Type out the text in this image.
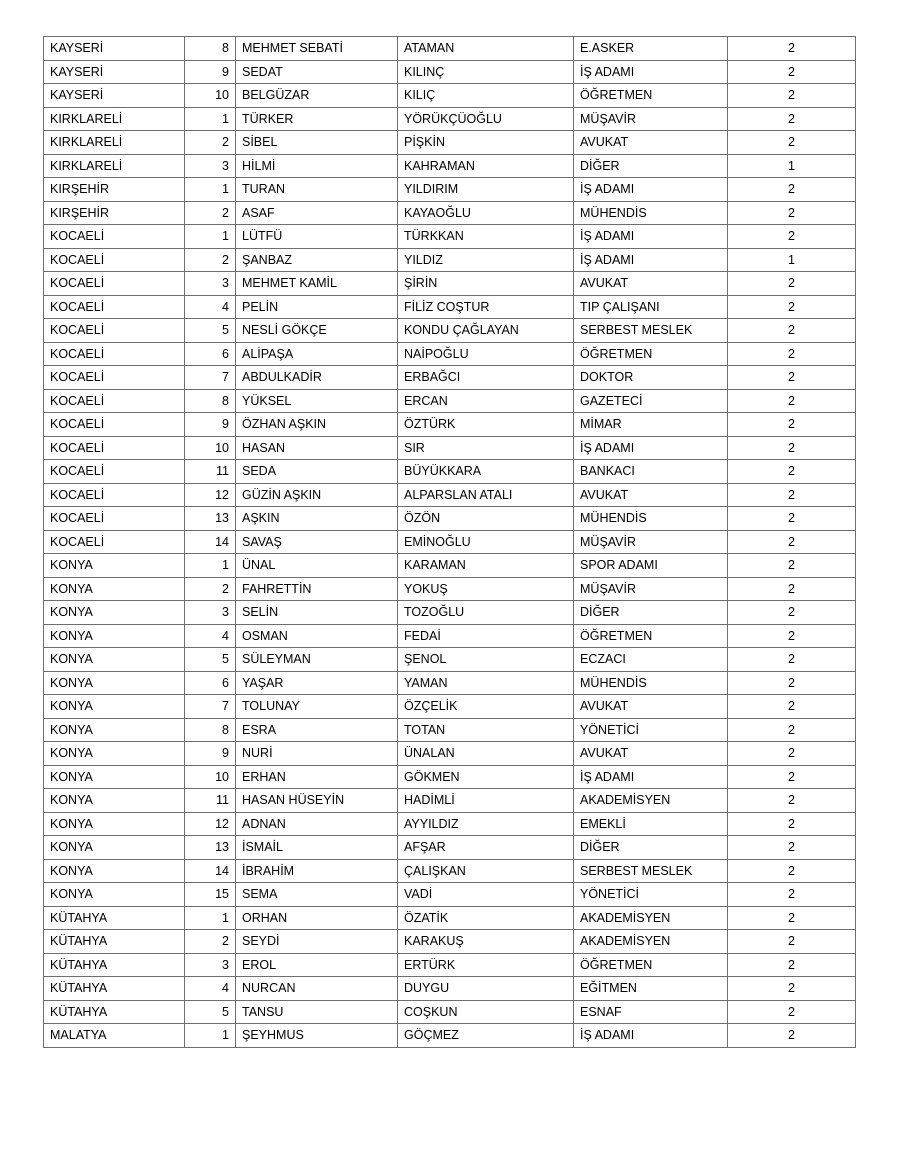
KAYSERİ	8	MEHMET SEBATİ	ATAMAN	E.ASKER	2
KAYSERİ	9	SEDAT	KILINÇ	İŞ ADAMI	2
KAYSERİ	10	BELGÜZAR	KILIÇ	ÖĞRETMEN	2
KIRKLARELİ	1	TÜRKER	YÖRÜKÇÜOĞLU	MÜŞAVİR	2
KIRKLARELİ	2	SİBEL	PİŞKİN	AVUKAT	2
KIRKLARELİ	3	HİLMİ	KAHRAMAN	DİĞER	1
KIRŞEHİR	1	TURAN	YILDIRIM	İŞ ADAMI	2
KIRŞEHİR	2	ASAF	KAYAOĞLU	MÜHENDİS	2
KOCAELİ	1	LÜTFÜ	TÜRKKAN	İŞ ADAMI	2
KOCAELİ	2	ŞANBAZ	YILDIZ	İŞ ADAMI	1
KOCAELİ	3	MEHMET KAMİL	ŞİRİN	AVUKAT	2
KOCAELİ	4	PELİN	FİLİZ COŞTUR	TIP ÇALIŞANI	2
KOCAELİ	5	NESLİ GÖKÇE	KONDU ÇAĞLAYAN	SERBEST MESLEK	2
KOCAELİ	6	ALİPAŞA	NAİPOĞLU	ÖĞRETMEN	2
KOCAELİ	7	ABDULKADİR	ERBAĞCI	DOKTOR	2
KOCAELİ	8	YÜKSEL	ERCAN	GAZETECİ	2
KOCAELİ	9	ÖZHAN AŞKIN	ÖZTÜRK	MİMAR	2
KOCAELİ	10	HASAN	SIR	İŞ ADAMI	2
KOCAELİ	11	SEDA	BÜYÜKKARA	BANKACI	2
KOCAELİ	12	GÜZİN AŞKIN	ALPARSLAN ATALI	AVUKAT	2
KOCAELİ	13	AŞKIN	ÖZÖN	MÜHENDİS	2
KOCAELİ	14	SAVAŞ	EMİNOĞLU	MÜŞAVİR	2
KONYA	1	ÜNAL	KARAMAN	SPOR ADAMI	2
KONYA	2	FAHRETTİN	YOKUŞ	MÜŞAVİR	2
KONYA	3	SELİN	TOZOĞLU	DİĞER	2
KONYA	4	OSMAN	FEDAİ	ÖĞRETMEN	2
KONYA	5	SÜLEYMAN	ŞENOL	ECZACI	2
KONYA	6	YAŞAR	YAMAN	MÜHENDİS	2
KONYA	7	TOLUNAY	ÖZÇELİK	AVUKAT	2
KONYA	8	ESRA	TOTAN	YÖNETİCİ	2
KONYA	9	NURİ	ÜNALAN	AVUKAT	2
KONYA	10	ERHAN	GÖKMEN	İŞ ADAMI	2
KONYA	11	HASAN HÜSEYİN	HADİMLİ	AKADEMİSYEN	2
KONYA	12	ADNAN	AYYILDIZ	EMEKLİ	2
KONYA	13	İSMAİL	AFŞAR	DİĞER	2
KONYA	14	İBRAHİM	ÇALIŞKAN	SERBEST MESLEK	2
KONYA	15	SEMA	VADİ	YÖNETİCİ	2
KÜTAHYA	1	ORHAN	ÖZATİK	AKADEMİSYEN	2
KÜTAHYA	2	SEYDİ	KARAKUŞ	AKADEMİSYEN	2
KÜTAHYA	3	EROL	ERTÜRK	ÖĞRETMEN	2
KÜTAHYA	4	NURCAN	DUYGU	EĞİTMEN	2
KÜTAHYA	5	TANSU	COŞKUN	ESNAF	2
MALATYA	1	ŞEYHMUS	GÖÇMEZ	İŞ ADAMI	2
